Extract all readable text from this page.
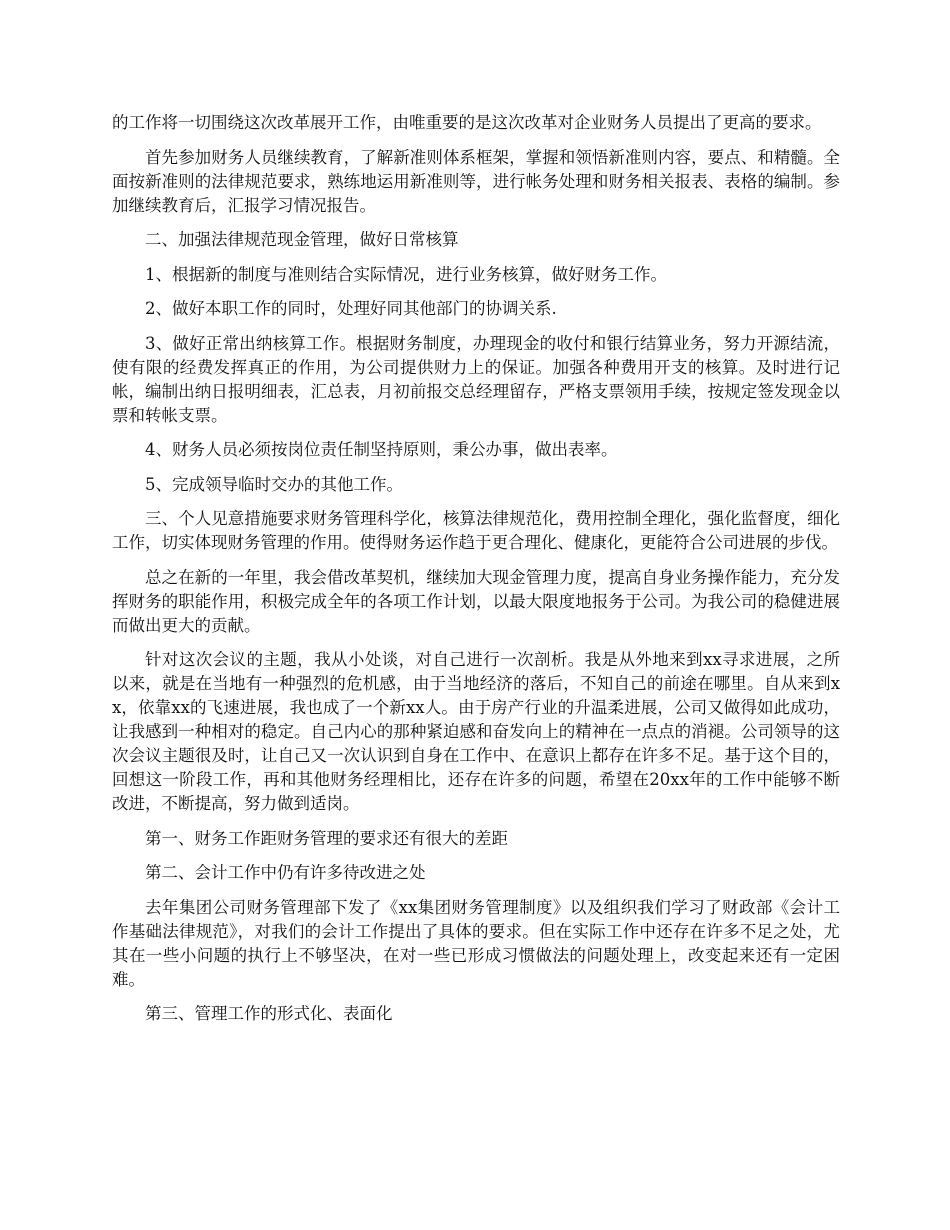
的工作将一切围绕这次改革展开工作，由唯重要的是这次改革对企业财务人员提出了更高的要求。

首先参加财务人员继续教育，了解新准则体系框架，掌握和领悟新准则内容，要点、和精髓。全面按新准则的法律规范要求，熟练地运用新准则等，进行帐务处理和财务相关报表、表格的编制。参加继续教育后，汇报学习情况报告。

二、加强法律规范现金管理，做好日常核算

1、根据新的制度与准则结合实际情况，进行业务核算，做好财务工作。

2、做好本职工作的同时，处理好同其他部门的协调关系.

3、做好正常出纳核算工作。根据财务制度，办理现金的收付和银行结算业务，努力开源结流，使有限的经费发挥真正的作用，为公司提供财力上的保证。加强各种费用开支的核算。及时进行记帐，编制出纳日报明细表，汇总表，月初前报交总经理留存，严格支票领用手续，按规定签发现金以票和转帐支票。

4、财务人员必须按岗位责任制坚持原则，秉公办事，做出表率。

5、完成领导临时交办的其他工作。

三、个人见意措施要求财务管理科学化，核算法律规范化，费用控制全理化，强化监督度，细化工作，切实体现财务管理的作用。使得财务运作趋于更合理化、健康化，更能符合公司进展的步伐。

总之在新的一年里，我会借改革契机，继续加大现金管理力度，提高自身业务操作能力，充分发挥财务的职能作用，积极完成全年的各项工作计划，以最大限度地报务于公司。为我公司的稳健进展而做出更大的贡献。

针对这次会议的主题，我从小处谈，对自己进行一次剖析。我是从外地来到xx寻求进展，之所以来，就是在当地有一种强烈的危机感，由于当地经济的落后，不知自己的前途在哪里。自从来到xx，依靠xx的飞速进展，我也成了一个新xx人。由于房产行业的升温柔进展，公司又做得如此成功，让我感到一种相对的稳定。自己内心的那种紧迫感和奋发向上的精神在一点点的消褪。公司领导的这次会议主题很及时，让自己又一次认识到自身在工作中、在意识上都存在许多不足。基于这个目的，回想这一阶段工作，再和其他财务经理相比，还存在许多的问题，希望在20xx年的工作中能够不断改进，不断提高，努力做到适岗。

第一、财务工作距财务管理的要求还有很大的差距

第二、会计工作中仍有许多待改进之处

去年集团公司财务管理部下发了《xx集团财务管理制度》以及组织我们学习了财政部《会计工作基础法律规范》，对我们的会计工作提出了具体的要求。但在实际工作中还存在许多不足之处，尤其在一些小问题的执行上不够坚决，在对一些已形成习惯做法的问题处理上，改变起来还有一定困难。

第三、管理工作的形式化、表面化
